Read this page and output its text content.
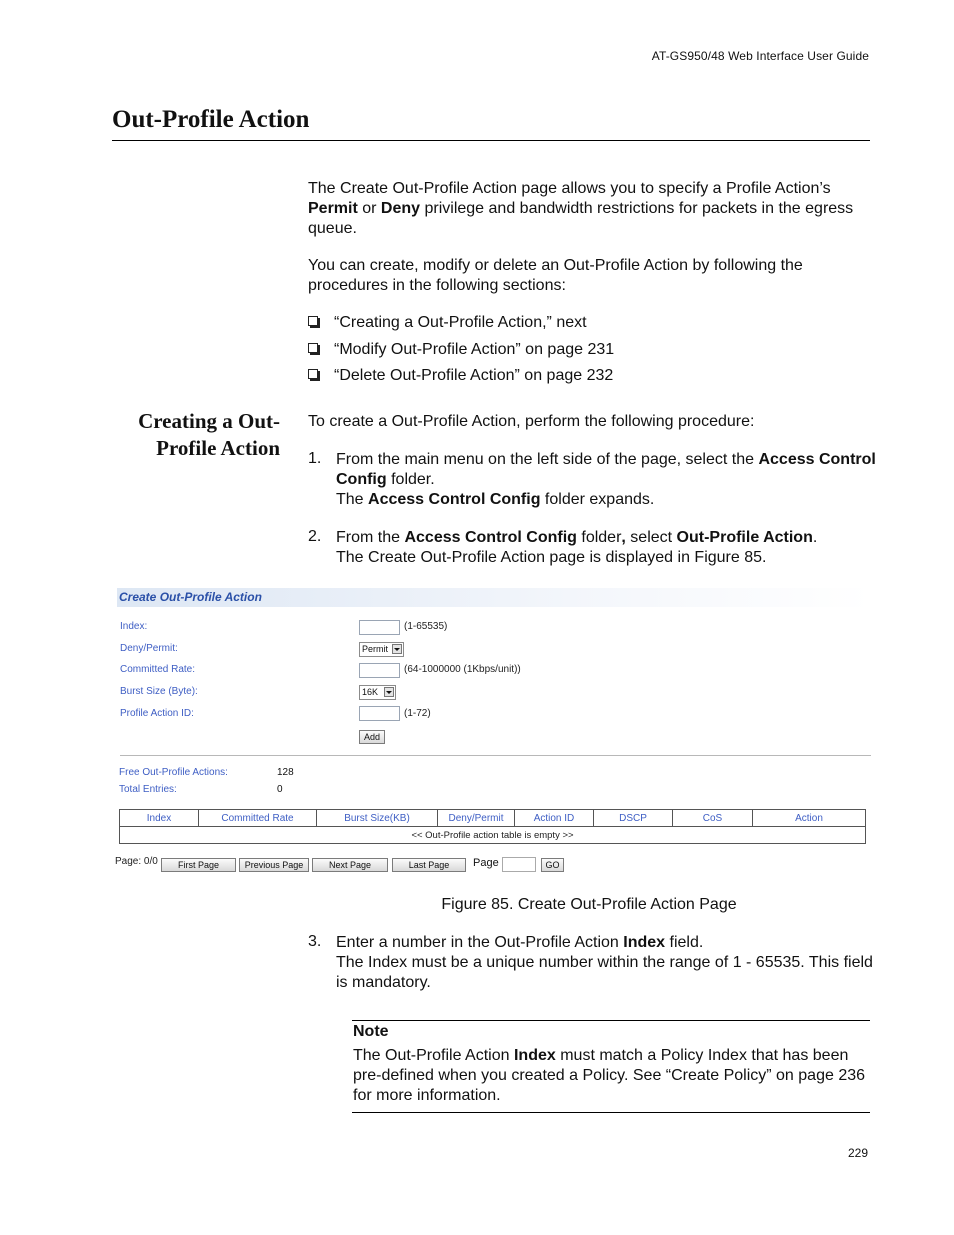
AT-GS950/48 Web Interface User Guide
Out-Profile Action
The Create Out-Profile Action page allows you to specify a Profile Action’s Permit or Deny privilege and bandwidth restrictions for packets in the egress queue.
You can create, modify or delete an Out-Profile Action by following the procedures in the following sections:
“Creating a Out-Profile Action,” next
“Modify Out-Profile Action” on page 231
“Delete Out-Profile Action” on page 232
Creating a Out-
Profile Action
To create a Out-Profile Action, perform the following procedure:
1. From the main menu on the left side of the page, select the Access Control Config folder.
The Access Control Config folder expands.
2. From the Access Control Config folder, select Out-Profile Action.
The Create Out-Profile Action page is displayed in Figure 85.
Create Out-Profile Action
Index:	(1-65535)
Deny/Permit:	Permit
Committed Rate:	(64-1000000 (1Kbps/unit))
Burst Size (Byte):	16K
Profile Action ID:	(1-72)
Add
Free Out-Profile Actions:	128
Total Entries:	0
Index	Committed Rate	Burst Size(KB)	Deny/Permit	Action ID	DSCP	CoS	Action
<< Out-Profile action table is empty >>
Page: 0/0	First Page	Previous Page	Next Page	Last Page	Page	GO
Figure 85. Create Out-Profile Action Page
3. Enter a number in the Out-Profile Action Index field.
The Index must be a unique number within the range of 1 - 65535. This field is mandatory.
Note
The Out-Profile Action Index must match a Policy Index that has been pre-defined when you created a Policy. See “Create Policy” on page 236 for more information.
229
